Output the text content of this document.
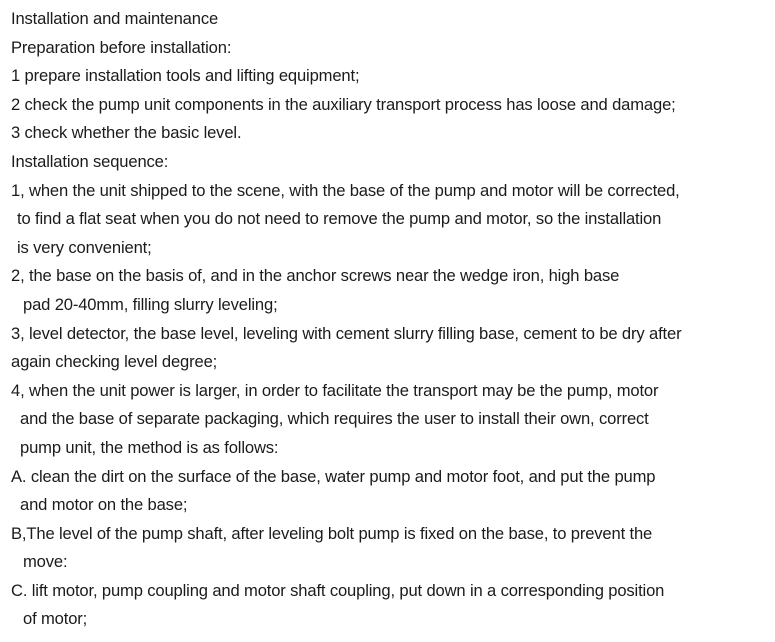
Installation and maintenance
Preparation before installation:
1 prepare installation tools and lifting equipment;
2 check the pump unit components in the auxiliary transport process has loose and damage;
3 check whether the basic level.
Installation sequence:
1, when the unit shipped to the scene, with the base of the pump and motor will be corrected,
to find a flat seat when you do not need to remove the pump and motor, so the installation
is very convenient;
2, the base on the basis of, and in the anchor screws near the wedge iron, high base
pad 20-40mm, filling slurry leveling;
3, level detector, the base level, leveling with cement slurry filling base, cement to be dry after
again checking level degree;
4, when the unit power is larger, in order to facilitate the transport may be the pump, motor
and the base of separate packaging, which requires the user to install their own, correct
pump unit, the method is as follows:
A. clean the dirt on the surface of the base, water pump and motor foot, and put the pump
and motor on the base;
B,The level of the pump shaft, after leveling bolt pump is fixed on the base, to prevent the
move:
C. lift motor, pump coupling and motor shaft coupling, put down in a corresponding position
of motor;
